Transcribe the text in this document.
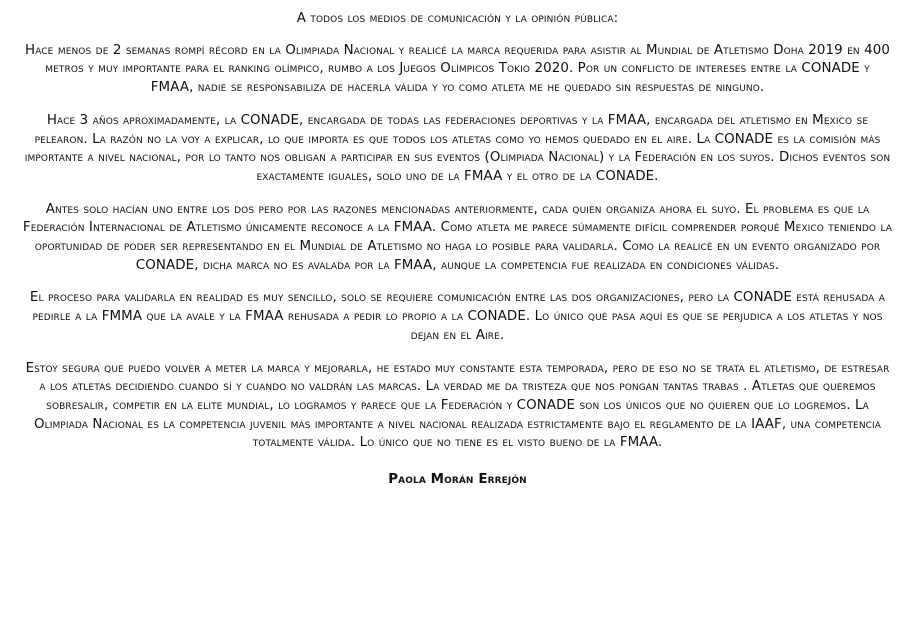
A todos los medios de comunicación y la opinión pública:

Hace menos de 2 semanas rompí récord en la Olimpiada Nacional y realicé la marca requerida para asistir al Mundial de Atletismo Doha 2019 en 400 metros y muy importante para el ranking olímpico, rumbo a los Juegos Olímpicos Tokio 2020. Por un conflicto de intereses entre la CONADE y FMAA, nadie se responsabiliza de hacerla válida y yo como atleta me he quedado sin respuestas de ninguno.

Hace 3 años aproximadamente, la CONADE, encargada de todas las federaciones deportivas y la FMAA, encargada del atletismo en Mexico se pelearon. La razón no la voy a explicar, lo que importa es que todos los atletas como yo hemos quedado en el aire. La CONADE es la comisión más importante a nivel nacional, por lo tanto nos obligan a participar en sus eventos (Olimpiada Nacional) y la Federación en los suyos. Dichos eventos son exactamente iguales, solo uno de la FMAA y el otro de la CONADE.

Antes solo hacían uno entre los dos pero por las razones mencionadas anteriormente, cada quien organiza ahora el suyo. El problema es que la Federación Internacional de Atletismo únicamente reconoce a la FMAA. Como atleta me parece súmamente difícil comprender porqué Mexico teniendo la oportunidad de poder ser representando en el Mundial de Atletismo no haga lo posible para validarla. Como la realicé en un evento organizado por CONADE, dicha marca no es avalada por la FMAA, aunque la competencia fue realizada en condiciones válidas.

El proceso para validarla en realidad es muy sencillo, solo se requiere comunicación entre las dos organizaciones, pero la CONADE está rehusada a pedirle a la FMMA que la avale y la FMAA rehusada a pedir lo propio a la CONADE. Lo único qué pasa aquí es que se perjudica a los atletas y nos dejan en el Aire.

Estoy segura que puedo volver a meter la marca y mejorarla, he estado muy constante esta temporada, pero de eso no se trata el atletismo, de estresar a los atletas decidiendo cuando sí y cuando no valdrán las marcas. La verdad me da tristeza que nos pongan tantas trabas . Atletas que queremos sobresalir, competir en la elite mundial, lo logramos y parece que la Federación y CONADE son los únicos que no quieren que lo logremos. La Olimpiada Nacional es la competencia juvenil más importante a nivel nacional realizada estrictamente bajo el reglamento de la IAAF, una competencia totalmente válida. Lo único que no tiene es el visto bueno de la FMAA.

Paola Morán Errejón
